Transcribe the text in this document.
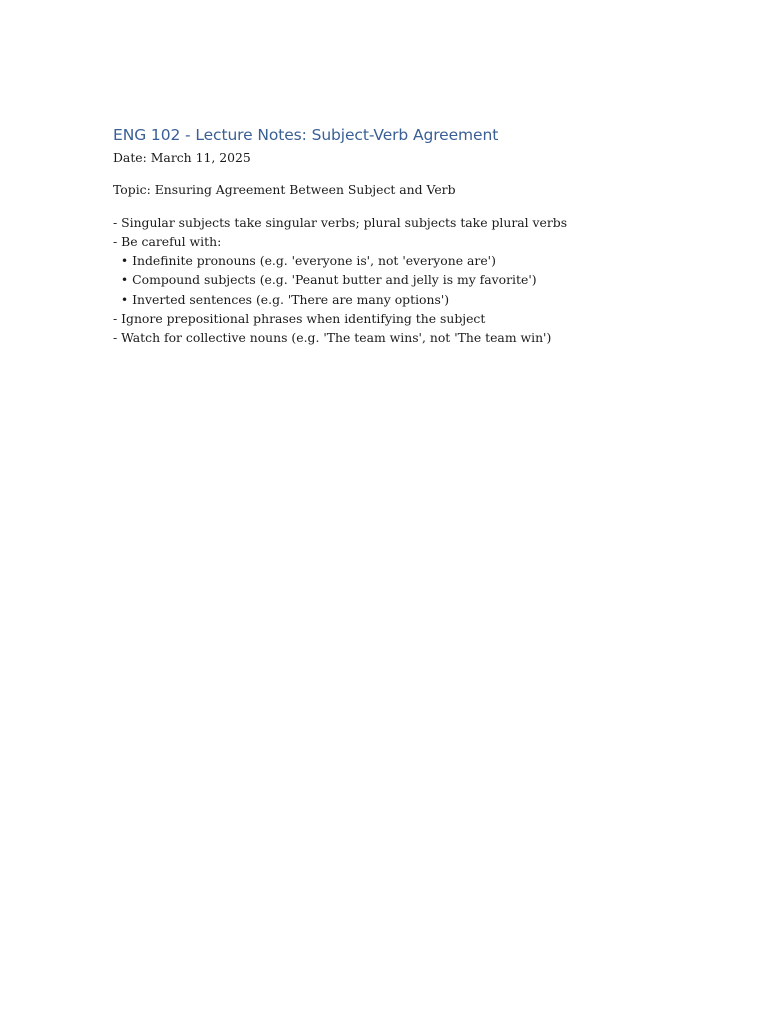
ENG 102 - Lecture Notes: Subject-Verb Agreement

Date: March 11, 2025

Topic: Ensuring Agreement Between Subject and Verb

- Singular subjects take singular verbs; plural subjects take plural verbs

- Be careful with:

• Indefinite pronouns (e.g. 'everyone is', not 'everyone are')

• Compound subjects (e.g. 'Peanut butter and jelly is my favorite')

• Inverted sentences (e.g. 'There are many options')

- Ignore prepositional phrases when identifying the subject

- Watch for collective nouns (e.g. 'The team wins', not 'The team win')
